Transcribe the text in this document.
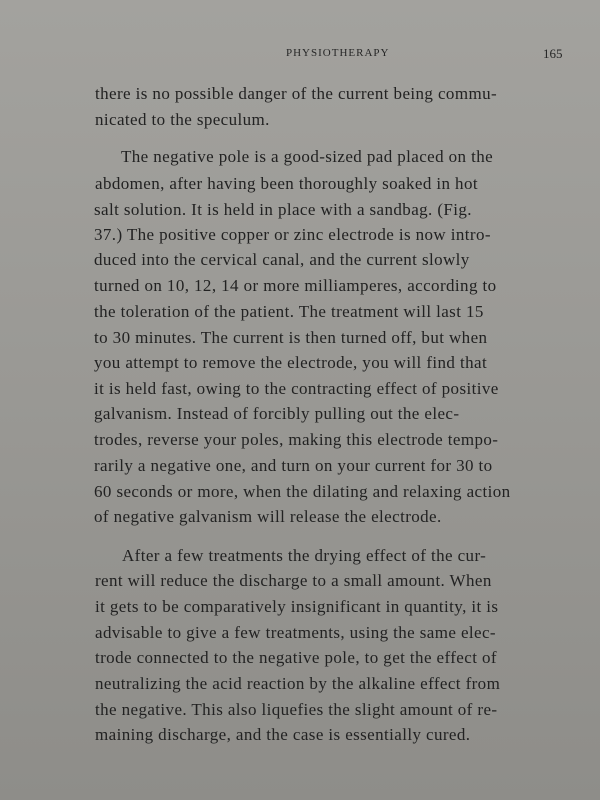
PHYSIOTHERAPY	165
there is no possible danger of the current being commu-
nicated to the speculum.
The negative pole is a good-sized pad placed on the
abdomen, after having been thoroughly soaked in hot
salt solution. It is held in place with a sandbag. (Fig.
37.) The positive copper or zinc electrode is now intro-
duced into the cervical canal, and the current slowly
turned on 10, 12, 14 or more milliamperes, according to
the toleration of the patient. The treatment will last 15
to 30 minutes. The current is then turned off, but when
you attempt to remove the electrode, you will find that
it is held fast, owing to the contracting effect of positive
galvanism. Instead of forcibly pulling out the elec-
trodes, reverse your poles, making this electrode tempo-
rarily a negative one, and turn on your current for 30 to
60 seconds or more, when the dilating and relaxing action
of negative galvanism will release the electrode.
After a few treatments the drying effect of the cur-
rent will reduce the discharge to a small amount. When
it gets to be comparatively insignificant in quantity, it is
advisable to give a few treatments, using the same elec-
trode connected to the negative pole, to get the effect of
neutralizing the acid reaction by the alkaline effect from
the negative. This also liquefies the slight amount of re-
maining discharge, and the case is essentially cured.
